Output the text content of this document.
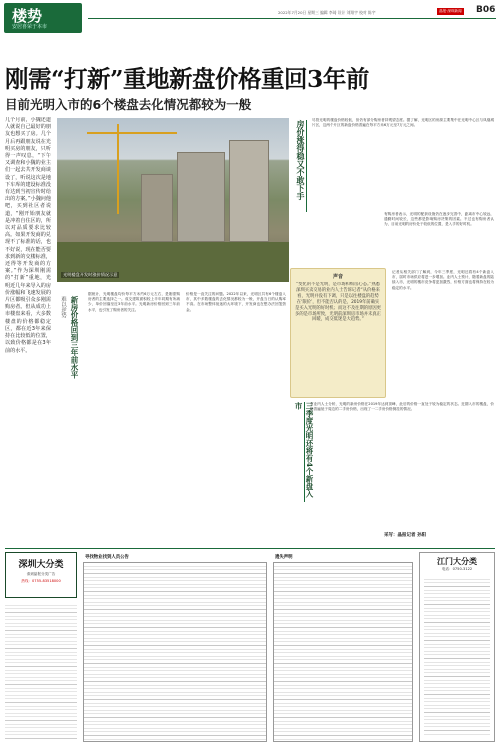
楼势
安居喜荣于本市
2022年7月20日 星期三 编辑 李琦 设计 刘翔宇 校对 陈宇	晶报·深圳新闻 B06
刚需“打新”重地新盘价格重回3年前
目前光明入市的6个楼盘去化情况都较为一般
几个月前，小魏还道人就说自己最好的朋友也想买了房。几个月后再跟朋友说在光明买房的朋友，只听得一声叹息，“下午又调查和小魏的业主们一起去共开发商谈设了，听说这次是地下车库的建设标准没有达到当初宣传时给出的方案。”小魏问他吧，买到社区者说道，“刚开始朋友就是冲着自住区的，所以对品质要求比较高。如果开发商的兑现不了标准的话，也不好说，现在能否要求到新的交楼标准，还得等开发商的方案。”作为深圳刚需的“打新”重地，光明近几年来导入的房价涨幅和飞速发展的片区都吸引众多刚需购房者。但从成功上市楼盘来看，大多数楼盘的价格都稳定区，都在近3年来保持在比较低的位置，以致价格都是在3年前的水平。
光明楼盘开发时涨价情况示意
房价涨得稳又不敢下手 尽管光明的楼盘价格较低，但仍有部分购房者持观望态度。据了解，光明区的房源主要集中在光明中心区与凤凰城片区，这两个片区的新盘价格普遍在每平方米6万元至7万元之间。
有购房者表示，光明的配套设施仍在逐步完善中，距离市中心较远，通勤时间较长，这些都是影响购房决策的因素。不过也有购房者认为，目前光明的房价处于较低的位置，是入手的好时机。
声音
“变化的不是光明，是市场和购房心态。”熟悉深圳买卖交易的业内人士告诉记者“从价格来看，光明并没有下调，只是以往楼盘的趋势在‘限价’，但不能否认的是，2019年前确实是买入光明的好时机；而这不及往期的原因更多的是市场所致，光明前深圳房市场并未真正回暖，成交低迷是大趋势。”
记者从相关部门了解到，今年三季度，光明还将有4个新盘入市，届时市场供应将进一步增加。业内人士预计，随着新盘的陆续入市，光明的楼市竞争将更加激烈，价格方面也将保持在较为稳定的水平。
新房价格回到三年前水平
难以逆势
据统计，光明楼盘均价每平方米约6万元左右，是刚需购房者的主要选择之一。成交建筑面积较上半年同期有所减少，单价回落至近3年前水平。光明新房价格回到三年前水平，也引发了购房者的关注。
价格是一直关注的问题。2022年以来，光明区共有6个楼盘入市，其中多数楼盘的去化情况都较为一般，开盘当日的认购率不高。在市场整体低迷的大环境下，开发商也在想办法回笼资金。
三季度光明还将有4个新盘入市	有业内人士分析，光明的新房价格在2019年达到顶峰，此后的价格一直处于较为稳定的状态。近期入市的楼盘，价格普遍低于周边的二手房价格，出现了一二手房价格倒挂的情况。
采写：晶报记者 孙阳
深圳大分类
请到晶报分类广告
热线：0755-83518000
寻找物业找到人员公告	遗失声明	江门大分类
电话：0750-3122
